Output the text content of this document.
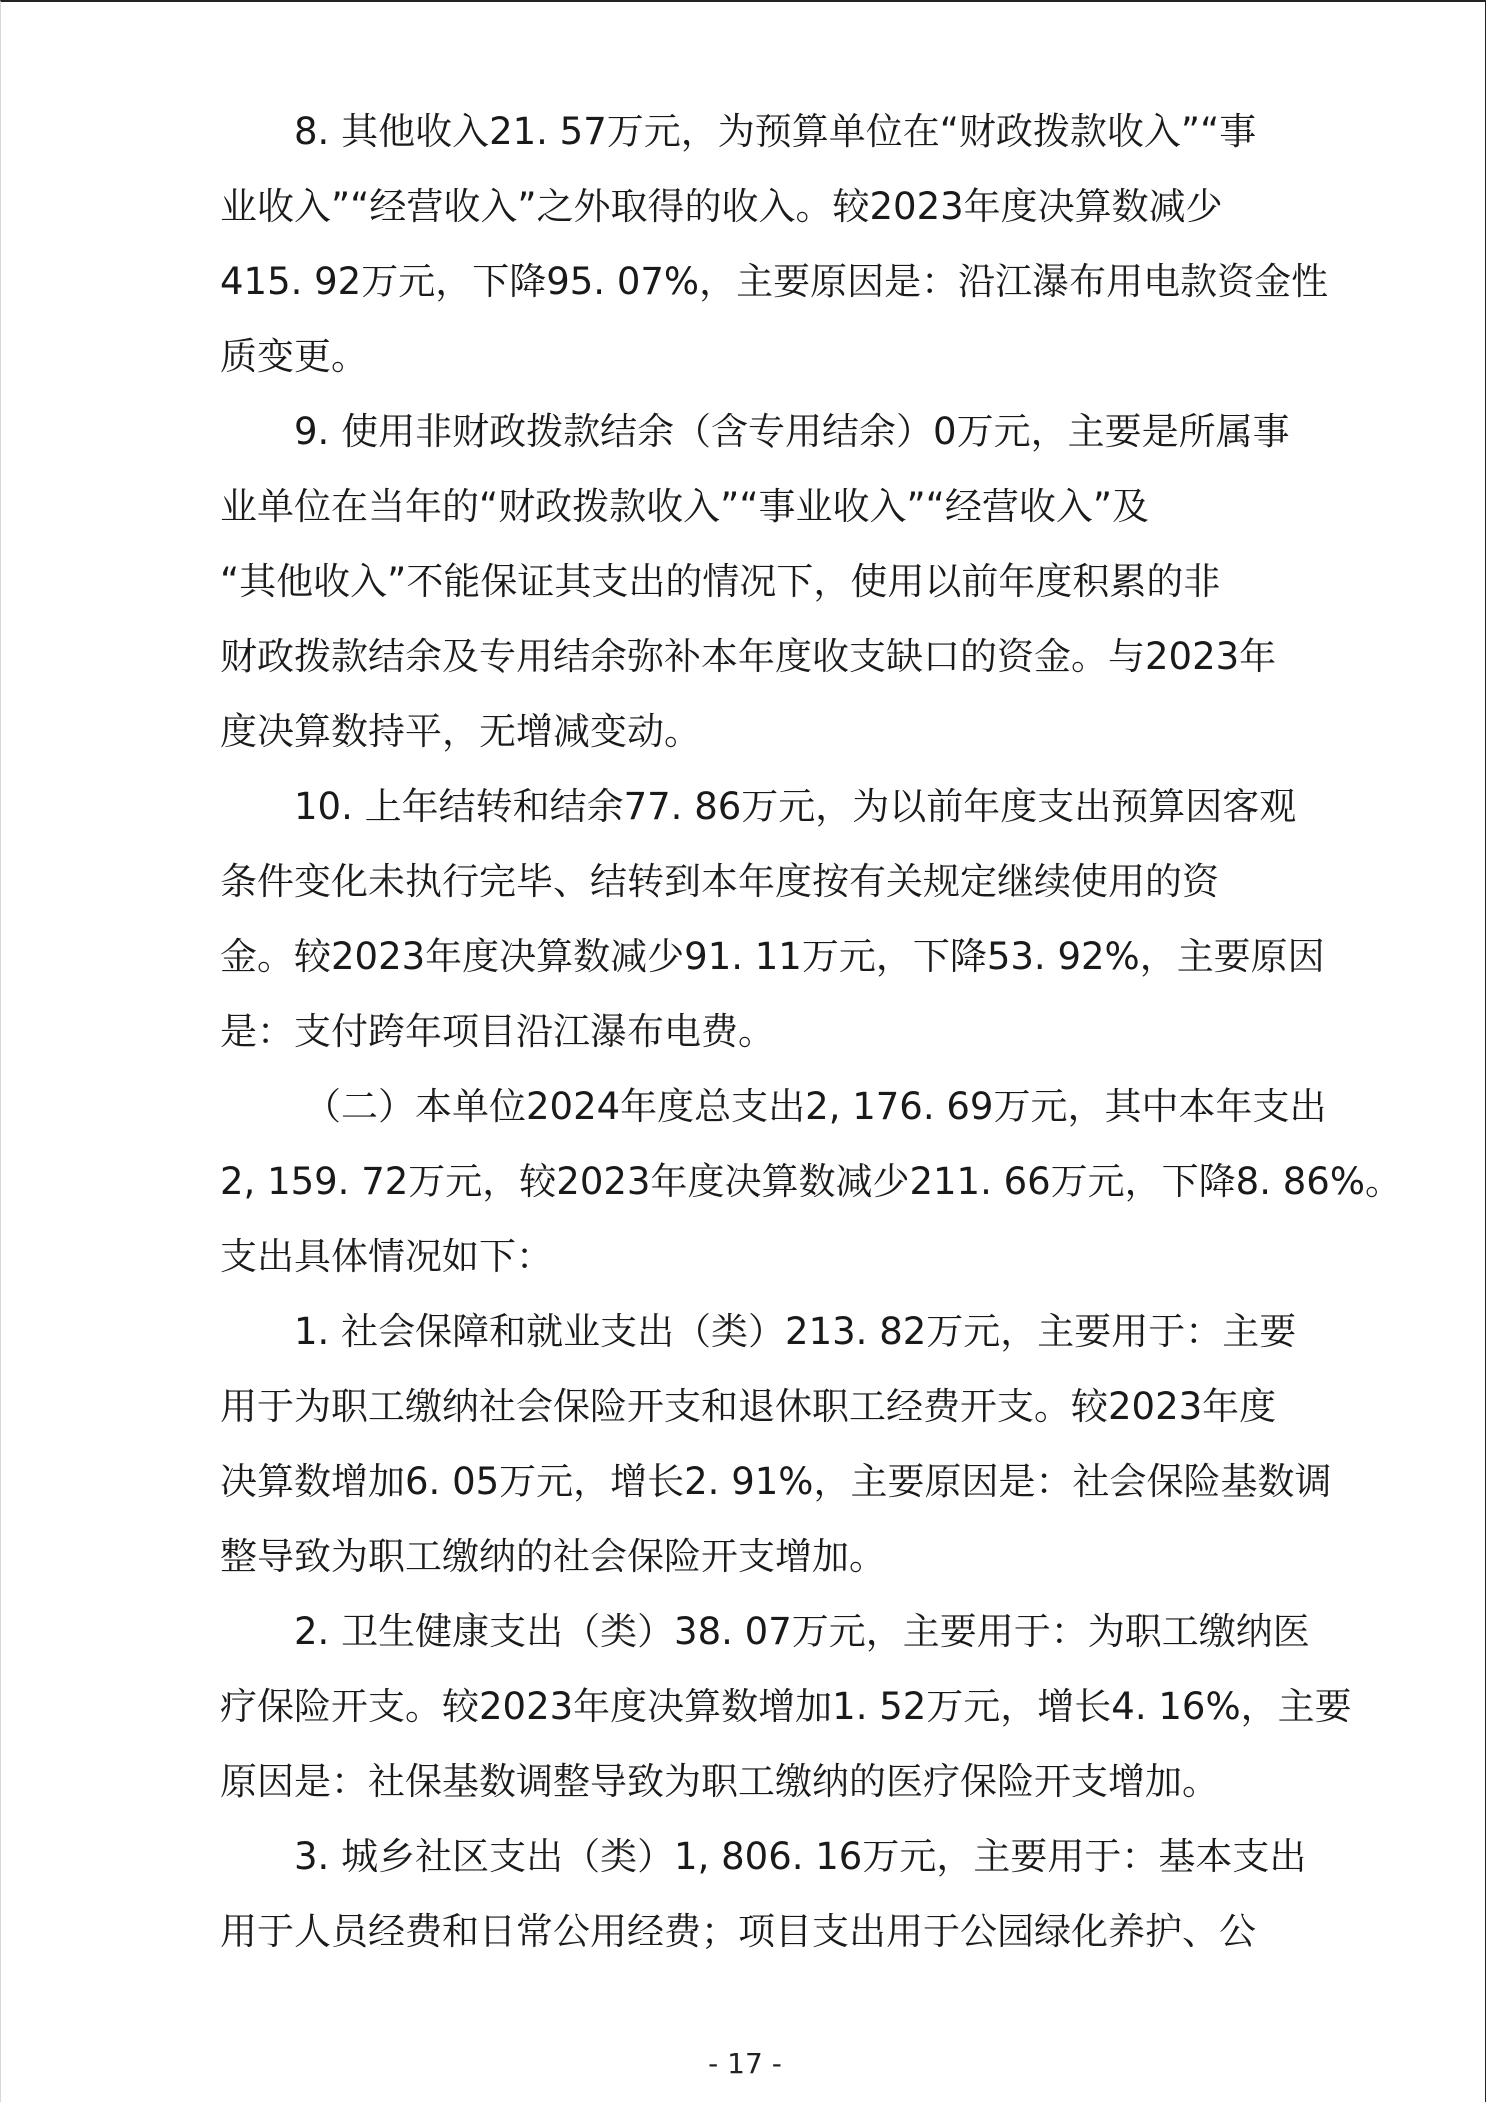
8. 其他收入21. 57万元，为预算单位在“财政拨款收入”“事
业收入”“经营收入”之外取得的收入。较2023年度决算数减少
415. 92万元，下降95. 07%，主要原因是：沿江瀑布用电款资金性
质变更。
9. 使用非财政拨款结余（含专用结余）0万元，主要是所属事
业单位在当年的“财政拨款收入”“事业收入”“经营收入”及
“其他收入”不能保证其支出的情况下，使用以前年度积累的非
财政拨款结余及专用结余弥补本年度收支缺口的资金。与2023年
度决算数持平，无增减变动。
10. 上年结转和结余77. 86万元，为以前年度支出预算因客观
条件变化未执行完毕、结转到本年度按有关规定继续使用的资
金。较2023年度决算数减少91. 11万元，下降53. 92%，主要原因
是：支付跨年项目沿江瀑布电费。
（二）本单位2024年度总支出2, 176. 69万元，其中本年支出
2, 159. 72万元，较2023年度决算数减少211. 66万元，下降8. 86%。
支出具体情况如下：
1. 社会保障和就业支出（类）213. 82万元，主要用于：主要
用于为职工缴纳社会保险开支和退休职工经费开支。较2023年度
决算数增加6. 05万元，增长2. 91%，主要原因是：社会保险基数调
整导致为职工缴纳的社会保险开支增加。
2. 卫生健康支出（类）38. 07万元，主要用于：为职工缴纳医
疗保险开支。较2023年度决算数增加1. 52万元，增长4. 16%，主要
原因是：社保基数调整导致为职工缴纳的医疗保险开支增加。
3. 城乡社区支出（类）1, 806. 16万元，主要用于：基本支出
用于人员经费和日常公用经费；项目支出用于公园绿化养护、公
- 17 -
